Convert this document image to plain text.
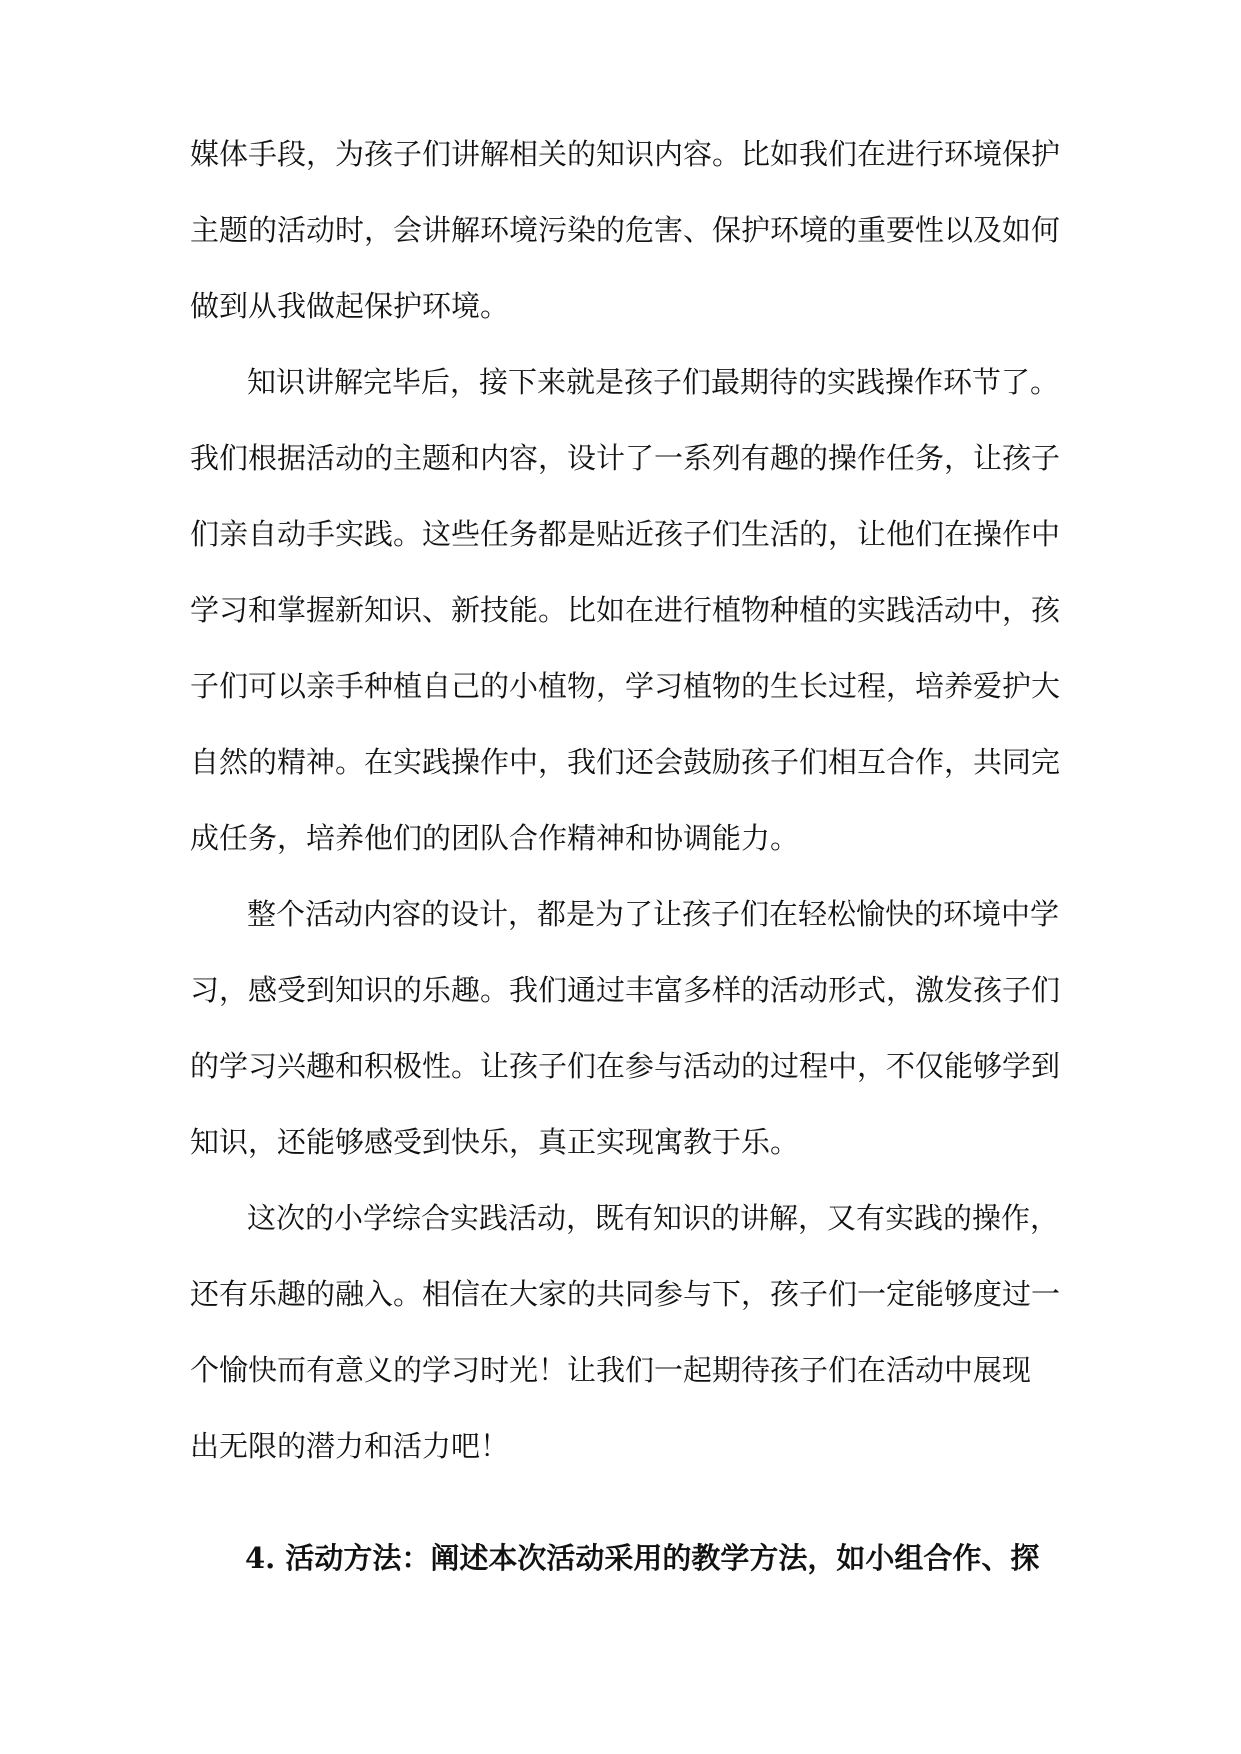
媒体手段，为孩子们讲解相关的知识内容。比如我们在进行环境保护
主题的活动时，会讲解环境污染的危害、保护环境的重要性以及如何
做到从我做起保护环境。
知识讲解完毕后，接下来就是孩子们最期待的实践操作环节了。
我们根据活动的主题和内容，设计了一系列有趣的操作任务，让孩子
们亲自动手实践。这些任务都是贴近孩子们生活的，让他们在操作中
学习和掌握新知识、新技能。比如在进行植物种植的实践活动中，孩
子们可以亲手种植自己的小植物，学习植物的生长过程，培养爱护大
自然的精神。在实践操作中，我们还会鼓励孩子们相互合作，共同完
成任务，培养他们的团队合作精神和协调能力。
整个活动内容的设计，都是为了让孩子们在轻松愉快的环境中学
习，感受到知识的乐趣。我们通过丰富多样的活动形式，激发孩子们
的学习兴趣和积极性。让孩子们在参与活动的过程中，不仅能够学到
知识，还能够感受到快乐，真正实现寓教于乐。
这次的小学综合实践活动，既有知识的讲解，又有实践的操作，
还有乐趣的融入。相信在大家的共同参与下，孩子们一定能够度过一
个愉快而有意义的学习时光！让我们一起期待孩子们在活动中展现
出无限的潜力和活力吧！
4. 活动方法：阐述本次活动采用的教学方法，如小组合作、探
